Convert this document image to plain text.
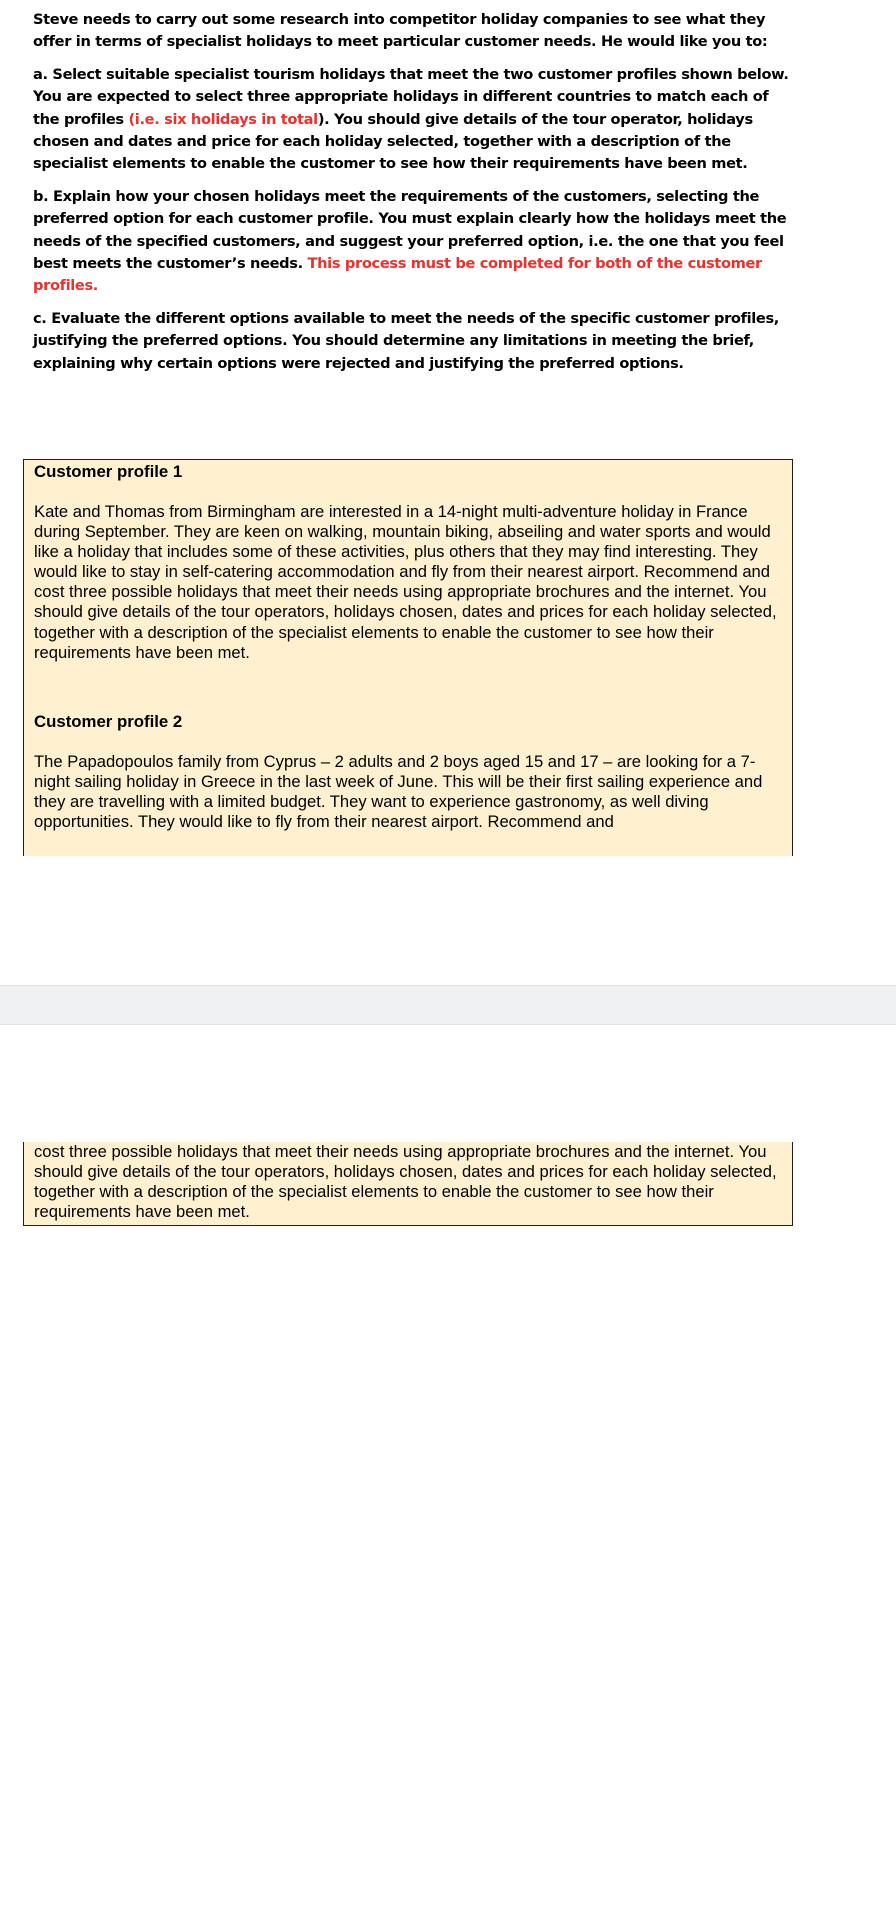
Steve needs to carry out some research into competitor holiday companies to see what they offer in terms of specialist holidays to meet particular customer needs. He would like you to:

a. Select suitable specialist tourism holidays that meet the two customer profiles shown below. You are expected to select three appropriate holidays in different countries to match each of the profiles (i.e. six holidays in total). You should give details of the tour operator, holidays chosen and dates and price for each holiday selected, together with a description of the specialist elements to enable the customer to see how their requirements have been met.

b. Explain how your chosen holidays meet the requirements of the customers, selecting the preferred option for each customer profile. You must explain clearly how the holidays meet the needs of the specified customers, and suggest your preferred option, i.e. the one that you feel best meets the customer’s needs. This process must be completed for both of the customer profiles.

c. Evaluate the different options available to meet the needs of the specific customer profiles, justifying the preferred options. You should determine any limitations in meeting the brief, explaining why certain options were rejected and justifying the preferred options.

Customer profile 1

Kate and Thomas from Birmingham are interested in a 14-night multi-adventure holiday in France during September. They are keen on walking, mountain biking, abseiling and water sports and would like a holiday that includes some of these activities, plus others that they may find interesting. They would like to stay in self-catering accommodation and fly from their nearest airport. Recommend and cost three possible holidays that meet their needs using appropriate brochures and the internet. You should give details of the tour operators, holidays chosen, dates and prices for each holiday selected, together with a description of the specialist elements to enable the customer to see how their requirements have been met.

Customer profile 2

The Papadopoulos family from Cyprus – 2 adults and 2 boys aged 15 and 17 – are looking for a 7-night sailing holiday in Greece in the last week of June. This will be their first sailing experience and they are travelling with a limited budget. They want to experience gastronomy, as well diving opportunities. They would like to fly from their nearest airport. Recommend and

cost three possible holidays that meet their needs using appropriate brochures and the internet. You should give details of the tour operators, holidays chosen, dates and prices for each holiday selected, together with a description of the specialist elements to enable the customer to see how their requirements have been met.
